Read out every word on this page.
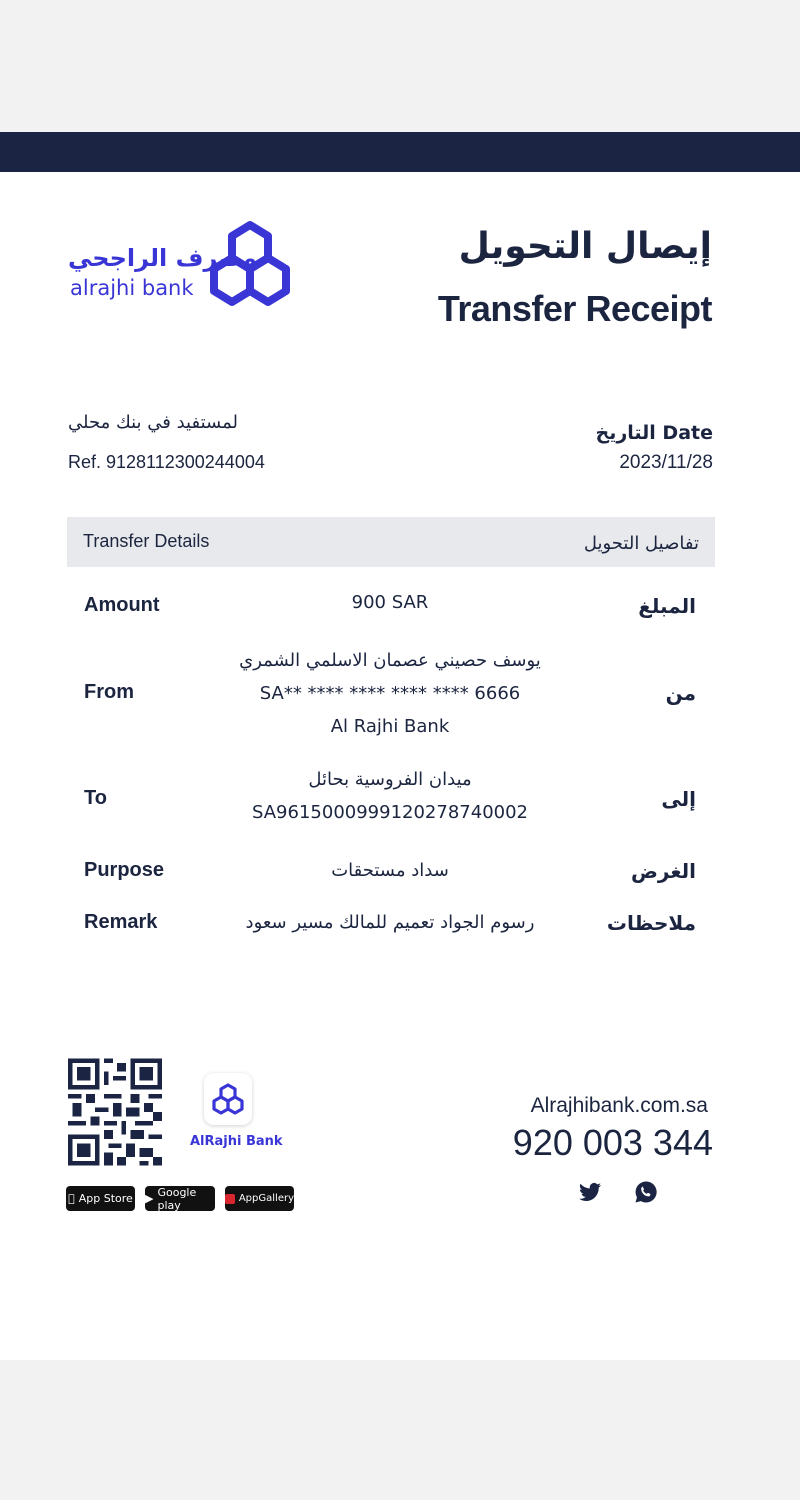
مصرف الراجحي
alrajhi bank
إيصال التحويل
Transfer Receipt
لمستفيد في بنك محلي
Ref. 9128112300244004
التاريخ Date
2023/11/28
Transfer Details	تفاصيل التحويل
Amount	المبلغ
900 SAR
From	من
يوسف حصيني عصمان الاسلمي الشمري
SA** **** **** **** **** 6666
Al Rajhi Bank
To	إلى
ميدان الفروسية بحائل
SA9615000999120278740002
Purpose	الغرض
سداد مستحقات
Remark	ملاحظات
رسوم الجواد تعميم للمالك مسير سعود
AlRajhi Bank
App Store ▶ Google play	AppGallery
Alrajhibank.com.sa
920 003 344
